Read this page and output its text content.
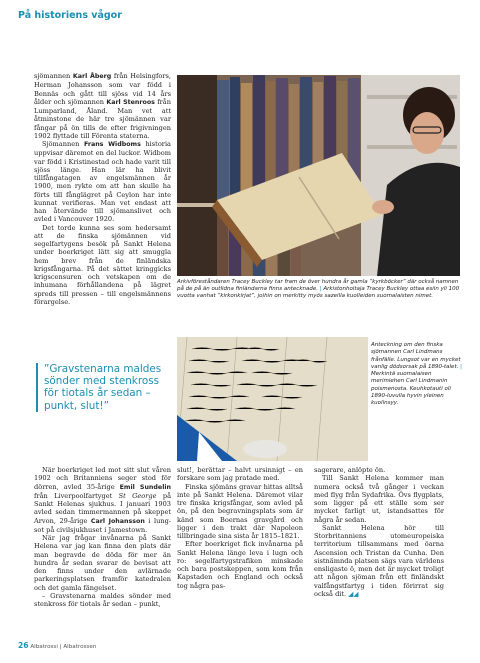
På historiens vågor

sjömannen Karl Åberg från Helsingfors, Herman Johansson som var född i Bennäs och gått till sjöss vid 14 års ålder och sjömannen Karl Stenroos från Lumparland, Åland. Man vet att åtminstone de här tre sjömännen var fångar på ön tills de efter frigivningen 1902 flyttade till Förenta staterna.

Sjömannen Frans Widboms historia uppvisar däremot en del luckor. Widbom var född i Kristinestad och hade varit till sjöss länge. Han lär ha blivit tillfångatagen av engelsmännen år 1900, men rykte om att han skulle ha förts till fånglägret på Ceylon har inte kunnat verifieras. Man vet endast att han återvände till sjömanslivet och avled i Vancouver 1920.

Det torde kunna ses som hedersamt att de finska sjömännen vid segelfartygens besök på Sankt Helena under boerkriget lätt sig att smuggla hem brev från de finländska krigsfångarna. På det sättet kringgicks krigscensuren och vetskapen om de inhumana förhållandena på lägret spreds till pressen – till engelsmännens förargelse.

”Gravstenarna maldes sönder med stenkross för tiotals år sedan – punkt, slut!”

När boerkriget led mot sitt slut våren 1902 och Britanniens seger stod för dörren, avled 35-årige Emil Sundelin från Liverpoolfartyget St George på Sankt Helenas sjukhus. I januari 1903 avled sedan timmermannen på skeppet Arvon, 29-årige Carl Johansson i lungsot på civilsjukhuset i Jamestown.

När jag frågar invånarna på Sankt Helena var jag kan finna den plats där man begravde de döda för mer än hundra år sedan svarar de bevisat att den finns under den avlärnade parkeringsplatsen framför katedralen och det gamla fängelset.

– Gravstenarna maldes sönder med stenkross för tiotals år sedan – punkt,

Arkivföreståndaren Tracey Buckley tar fram de över hundra år gamla ”kyrkböcker” där också namnen på de på än outlidna finländarna finns antecknade. | Arkistonhoitaja Tracey Buckley ottaa esiin yli 100 vuotta vanhat ”kirkonkirjat”, joihin on merkitty myös sazeilla kuolleiden suomalaisten nimet.
Anteckning om den finska sjömannen Carl Lindmans frånfälle. Lungsot var en mycket vanlig dödsorsak på 1890-talet. | Merkintä suomalaisen merimiehen Carl Lindmanin poismenosta. Keuhkotauti oli 1890-luvulla hyvin yleinen kuolinsyy.

slut!, berättar – halvt ursinnigt – en forskare som jag pratade med.

Finska sjömäns gravar hittas alltså inte på Sankt Helena. Däremot vilar tre finska krigsfångar, som avled på ön, på den begravningsplats som är känd som Boernas gravgård och ligger i den trakt där Napoleon tillbringade sina sista år 1815–1821.

Efter boerkriget fick invånarna på Sankt Helena länge leva i lugn och ro: segelfartygstrafiken minskade och bara postskeppen, som kom från Kapstaden och England och också tog några pas-

sagerare, anlöpte ön.

Till Sankt Helena kommer man numera också två gånger i veckan med flyg från Sydafrika. Övs flygplats, som ligger på ett ställe som ser mycket farligt ut, istandsattes för några år sedan.

Sankt Helena hör till Storbritanniens utomeuropeiska territorium tillsammans med öarna Ascension och Tristan da Cunha. Den sistnämnda platsen sägs vara världens ensligaste ö, men det är mycket troligt att någon sjöman från ett finländskt valfångstfartyg i tiden förirrat sig också dit. ◢◢

26 Albatrossi | Albatrossen
